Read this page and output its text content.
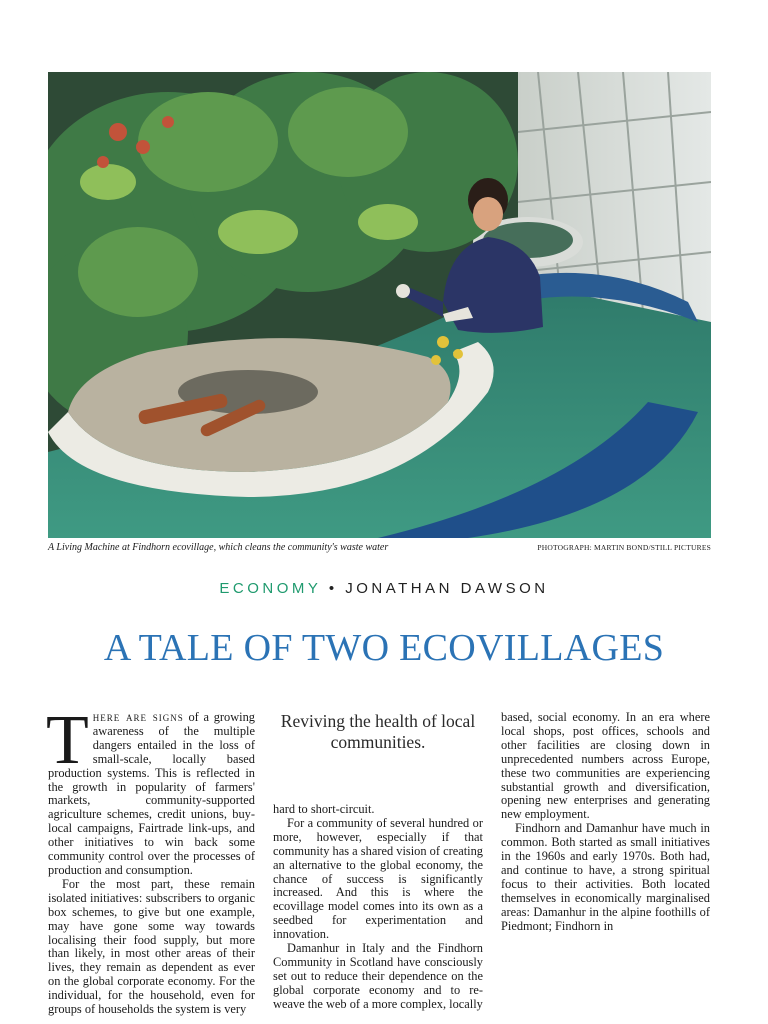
A Living Machine at Findhorn ecovillage, which cleans the community's waste water	PHOTOGRAPH: MARTIN BOND/STILL PICTURES
ECONOMY • JONATHAN DAWSON
A TALE OF TWO ECOVILLAGES

There are signs of a growing awareness of the multiple dangers entailed in the loss of small-scale, locally based production systems. This is reflected in the growth in popularity of farmers' markets, community-supported agriculture schemes, credit unions, buy-local campaigns, Fairtrade link-ups, and other initiatives to win back some community control over the processes of production and consumption.

For the most part, these remain isolated initiatives: subscribers to organic box schemes, to give but one example, may have gone some way towards localising their food supply, but more than likely, in most other areas of their lives, they remain as dependent as ever on the global corporate economy. For the individual, for the household, even for groups of households the system is very

Reviving the health of local communities.

hard to short-circuit.

For a community of several hundred or more, however, especially if that community has a shared vision of creating an alternative to the global economy, the chance of success is significantly increased. And this is where the ecovillage model comes into its own as a seedbed for experimentation and innovation.

Damanhur in Italy and the Findhorn Community in Scotland have consciously set out to reduce their dependence on the global corporate economy and to re-weave the web of a more complex, locally

based, social economy. In an era where local shops, post offices, schools and other facilities are closing down in unprecedented numbers across Europe, these two communities are experiencing substantial growth and diversification, opening new enterprises and generating new employment.

Findhorn and Damanhur have much in common. Both started as small initiatives in the 1960s and early 1970s. Both had, and continue to have, a strong spiritual focus to their activities. Both located themselves in economically marginalised areas: Damanhur in the alpine foothills of Piedmont; Findhorn in
